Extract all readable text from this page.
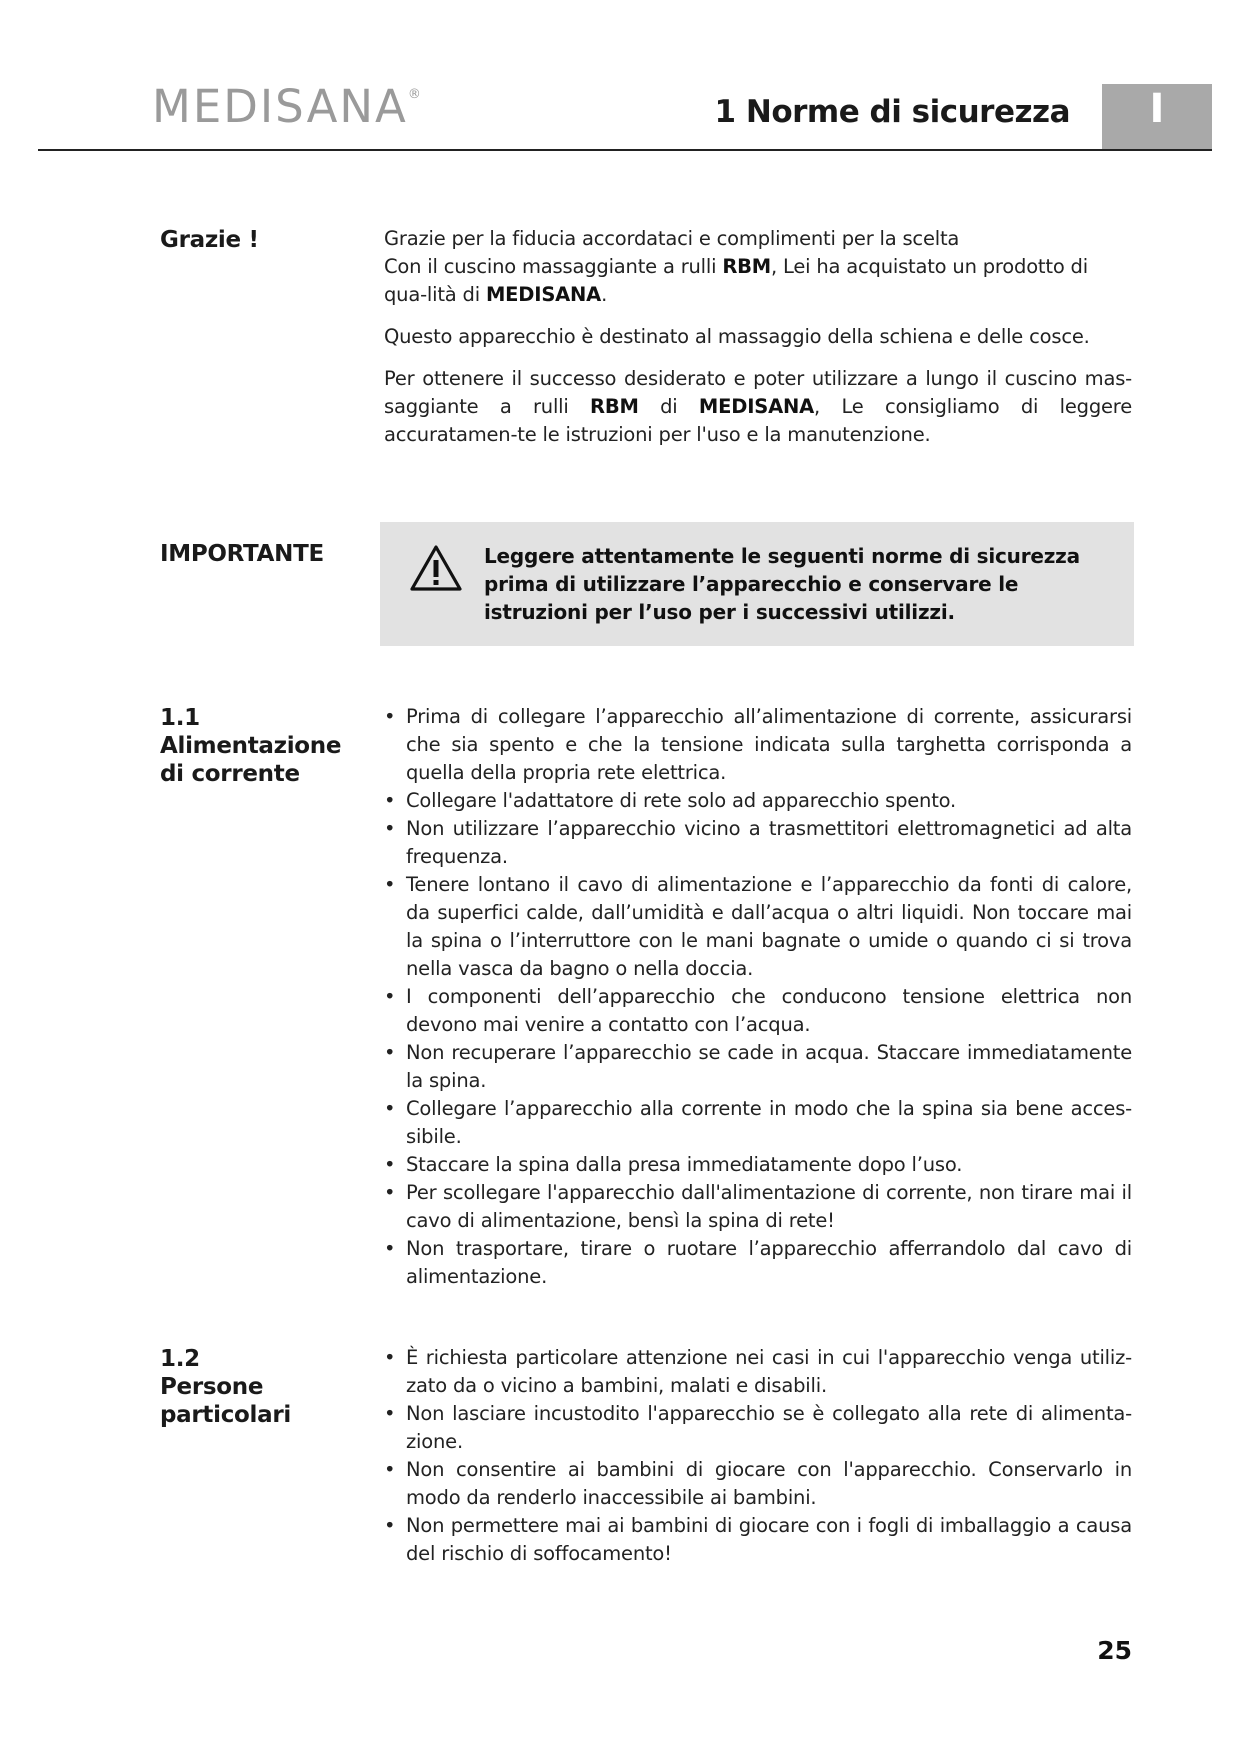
MEDISANA®	1 Norme di sicurezza	I
Grazie !	Grazie per la fiducia accordataci e complimenti per la scelta
Con il cuscino massaggiante a rulli RBM, Lei ha acquistato un prodotto di qua-lità di MEDISANA.

Questo apparecchio è destinato al massaggio della schiena e delle cosce.

Per ottenere il successo desiderato e poter utilizzare a lungo il cuscino mas-saggiante a rulli RBM di MEDISANA, Le consigliamo di leggere accuratamen-te le istruzioni per l'uso e la manutenzione.

IMPORTANTE	Leggere attentamente le seguenti norme di sicurezza prima di utilizzare l’apparecchio e conservare le istruzioni per l’uso per i successivi utilizzi.
1.1
Alimentazione
di corrente
• Prima di collegare l’apparecchio all’alimentazione di corrente, assicurarsi che sia spento e che la tensione indicata sulla targhetta corrisponda a quella della propria rete elettrica.
• Collegare l'adattatore di rete solo ad apparecchio spento.
• Non utilizzare l’apparecchio vicino a trasmettitori elettromagnetici ad alta frequenza.
• Tenere lontano il cavo di alimentazione e l’apparecchio da fonti di calore, da superfici calde, dall’umidità e dall’acqua o altri liquidi. Non toccare mai la spina o l’interruttore con le mani bagnate o umide o quando ci si trova nella vasca da bagno o nella doccia.
• I componenti dell’apparecchio che conducono tensione elettrica non devono mai venire a contatto con l’acqua.
• Non recuperare l’apparecchio se cade in acqua. Staccare immediatamente la spina.
• Collegare l’apparecchio alla corrente in modo che la spina sia bene acces-sibile.
• Staccare la spina dalla presa immediatamente dopo l’uso.
• Per scollegare l'apparecchio dall'alimentazione di corrente, non tirare mai il cavo di alimentazione, bensì la spina di rete!
• Non trasportare, tirare o ruotare l’apparecchio afferrandolo dal cavo di alimentazione.
1.2
Persone
particolari
• È richiesta particolare attenzione nei casi in cui l'apparecchio venga utiliz-zato da o vicino a bambini, malati e disabili.
• Non lasciare incustodito l'apparecchio se è collegato alla rete di alimenta-zione.
• Non consentire ai bambini di giocare con l'apparecchio. Conservarlo in modo da renderlo inaccessibile ai bambini.
• Non permettere mai ai bambini di giocare con i fogli di imballaggio a causa del rischio di soffocamento!
25
